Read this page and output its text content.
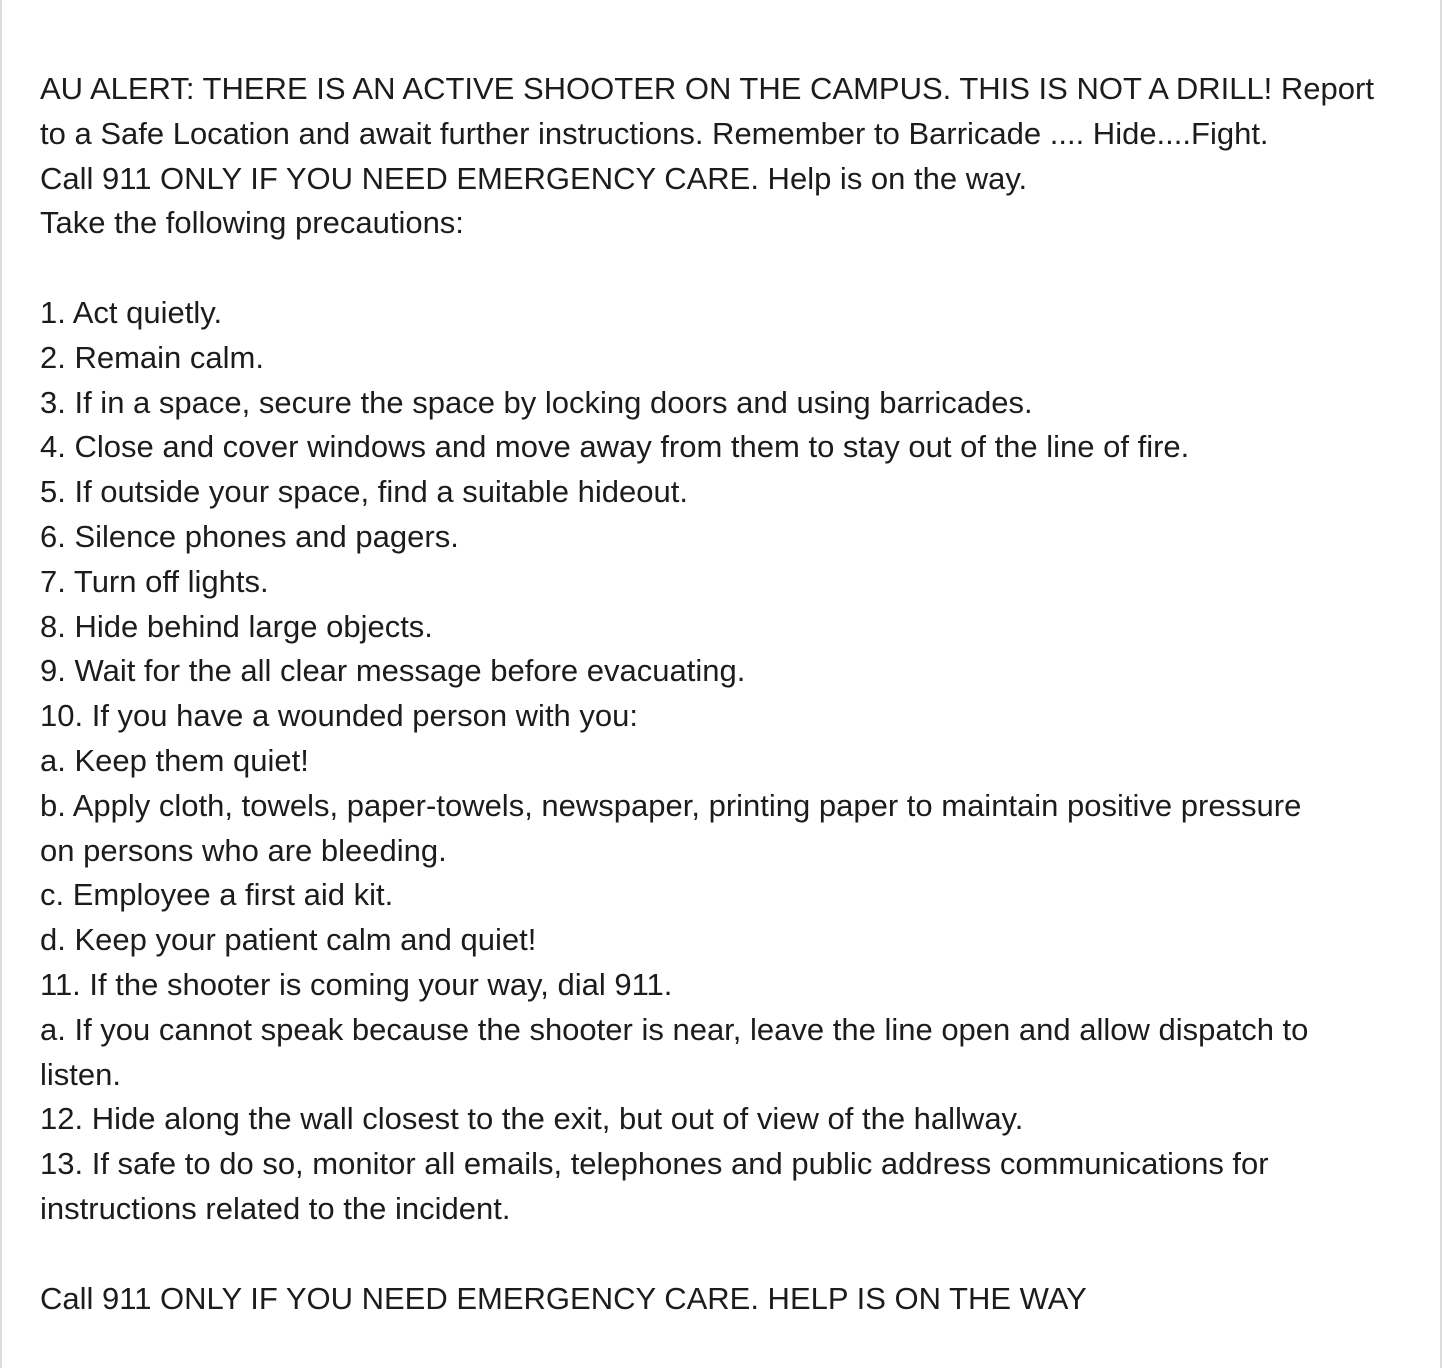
AU ALERT: THERE IS AN ACTIVE SHOOTER ON THE CAMPUS. THIS IS NOT A DRILL! Report
to a Safe Location and await further instructions. Remember to Barricade .... Hide....Fight.
Call 911 ONLY IF YOU NEED EMERGENCY CARE. Help is on the way.
Take the following precautions:
1. Act quietly.
2. Remain calm.
3. If in a space, secure the space by locking doors and using barricades.
4. Close and cover windows and move away from them to stay out of the line of fire.
5. If outside your space, find a suitable hideout.
6. Silence phones and pagers.
7. Turn off lights.
8. Hide behind large objects.
9. Wait for the all clear message before evacuating.
10. If you have a wounded person with you:
a. Keep them quiet!
b. Apply cloth, towels, paper-towels, newspaper, printing paper to maintain positive pressure
on persons who are bleeding.
c. Employee a first aid kit.
d. Keep your patient calm and quiet!
11. If the shooter is coming your way, dial 911.
a. If you cannot speak because the shooter is near, leave the line open and allow dispatch to
listen.
12. Hide along the wall closest to the exit, but out of view of the hallway.
13. If safe to do so, monitor all emails, telephones and public address communications for
instructions related to the incident.
Call 911 ONLY IF YOU NEED EMERGENCY CARE. HELP IS ON THE WAY
